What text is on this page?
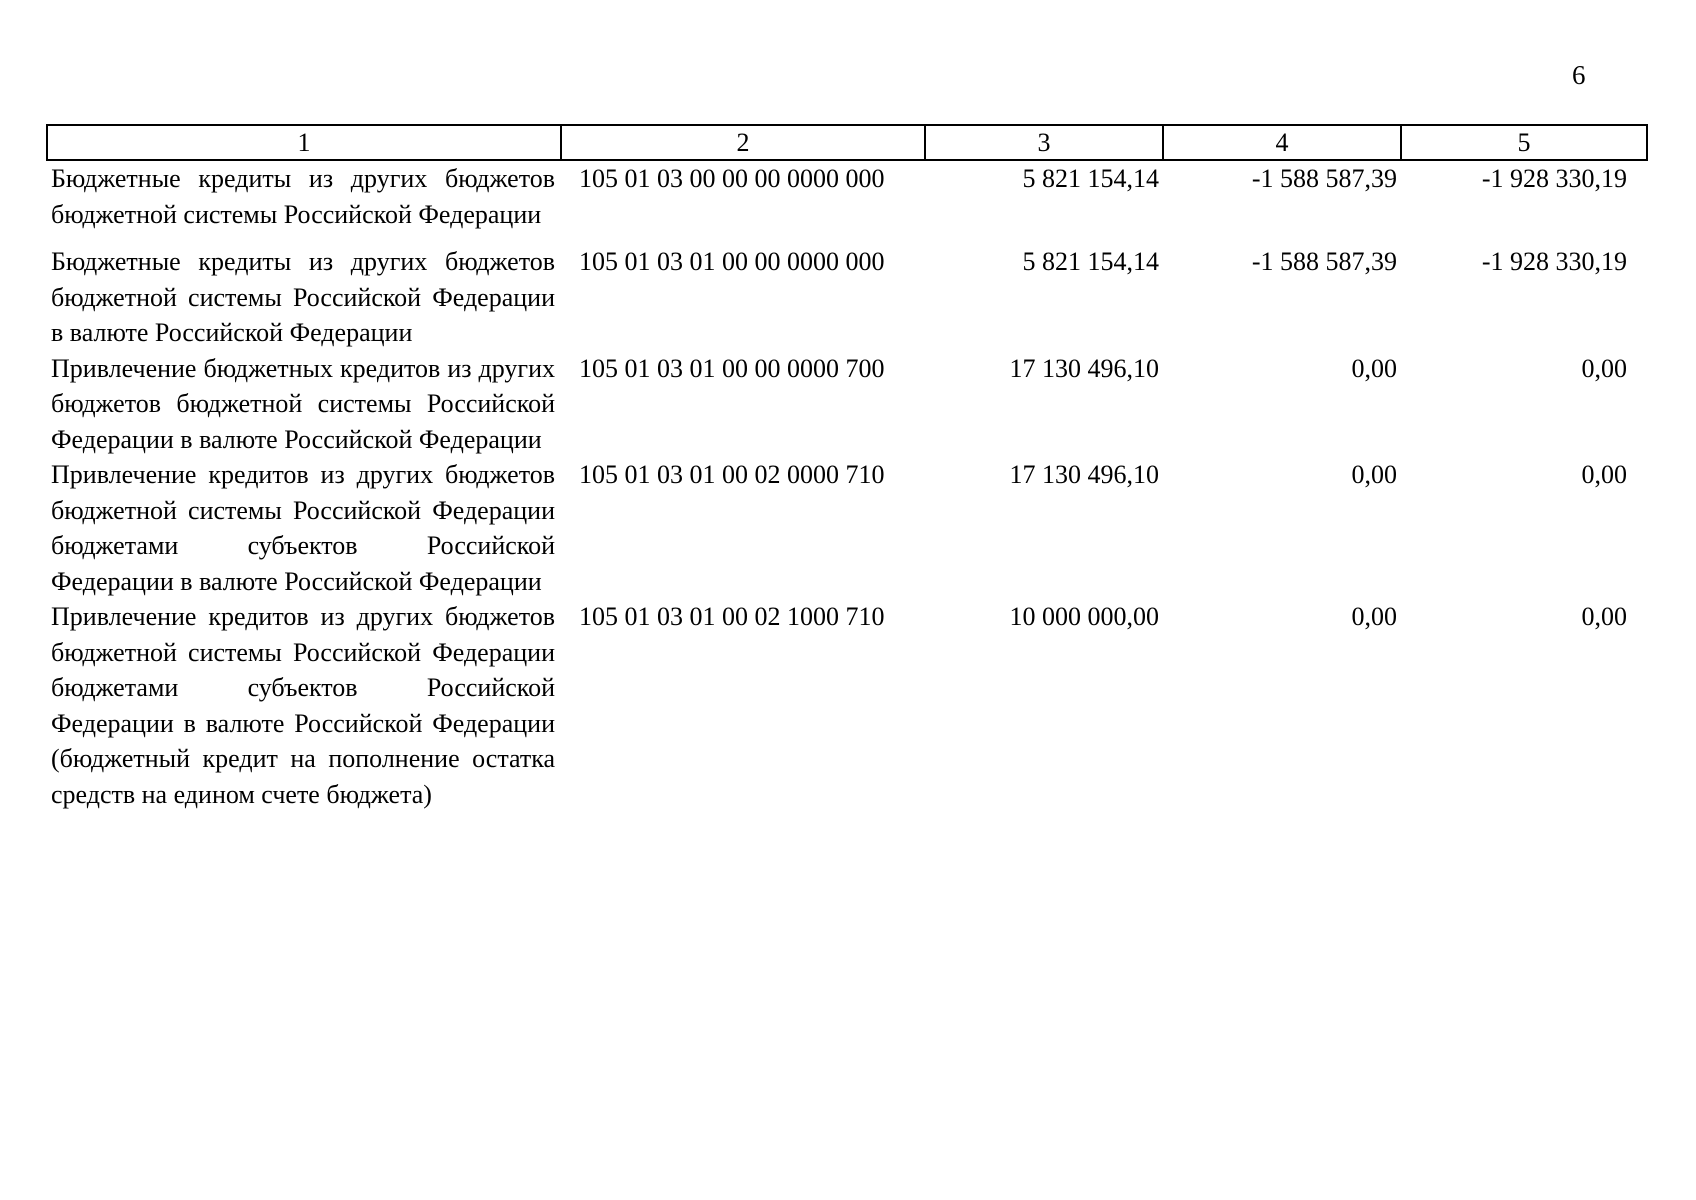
6
1	2	3	4	5
Бюджетные кредиты из других бюджетов бюджетной системы Российской Федерации	105 01 03 00 00 00 0000 000	5 821 154,14	-1 588 587,39	-1 928 330,19
Бюджетные кредиты из других бюджетов бюджетной системы Российской Федерации в валюте Российской Федерации	105 01 03 01 00 00 0000 000	5 821 154,14	-1 588 587,39	-1 928 330,19
Привлечение бюджетных кредитов из других бюджетов бюджетной системы Российской Федерации в валюте Российской Федерации	105 01 03 01 00 00 0000 700	17 130 496,10	0,00	0,00
Привлечение кредитов из других бюджетов бюджетной системы Российской Федерации бюджетами субъектов Российской Федерации в валюте Российской Федерации	105 01 03 01 00 02 0000 710	17 130 496,10	0,00	0,00
Привлечение кредитов из других бюджетов бюджетной системы Российской Федерации бюджетами субъектов Российской Федерации в валюте Российской Федерации (бюджетный кредит на пополнение остатка средств на едином счете бюджета)	105 01 03 01 00 02 1000 710	10 000 000,00	0,00	0,00
